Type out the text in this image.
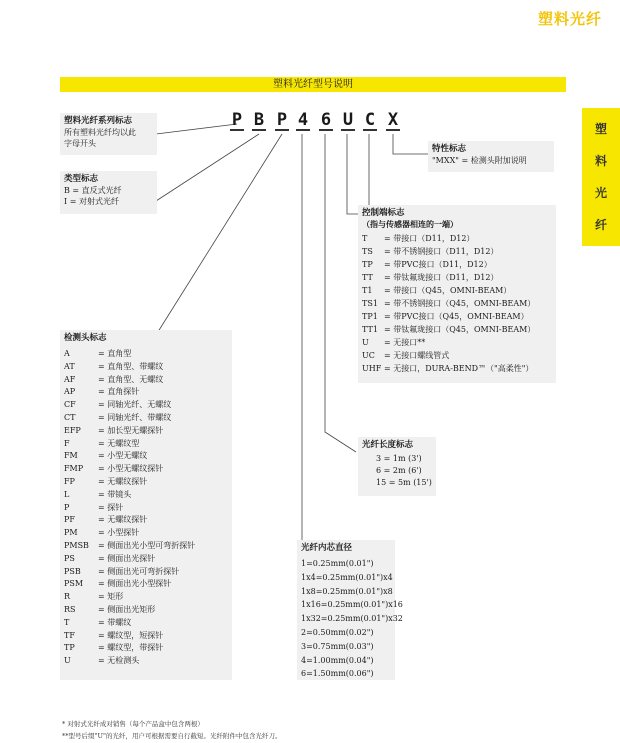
塑料光纤
塑料光纤型号说明
塑
料
光
纤
P B P 4 6 U C X
塑料光纤系列标志
所有塑料光纤均以此
字母开头
类型标志
B = 直反式光纤
I = 对射式光纤
特性标志
"MXX" = 检测头附加说明
控制端标志
（指与传感器相连的一端）
T = 带接口（D11，D12）
TS = 带不锈钢接口（D11，D12）
TP = 带PVC接口（D11，D12）
TT = 带钛氟珑接口（D11，D12）
T1 = 带接口（Q45，OMNI-BEAM）
TS1 = 带不锈钢接口（Q45，OMNI-BEAM）
TP1 = 带PVC接口（Q45，OMNI-BEAM）
TT1 = 带钛氟珑接口（Q45，OMNI-BEAM）
U = 无接口**
UC = 无接口螺线管式
UHF = 无接口，DURA-BEND™（"高柔性"）
光纤长度标志
3 = 1m (3')
6 = 2m (6')
15 = 5m (15')
光纤内芯直径
1=0.25mm(0.01")
1x4=0.25mm(0.01")x4
1x8=0.25mm(0.01")x8
1x16=0.25mm(0.01")x16
1x32=0.25mm(0.01")x32
2=0.50mm(0.02")
3=0.75mm(0.03")
4=1.00mm(0.04")
6=1.50mm(0.06")
检测头标志
A	= 直角型
AT	= 直角型、带螺纹
AF	= 直角型、无螺纹
AP	= 直角探针
CF	= 同轴光纤、无螺纹
CT	= 同轴光纤、带螺纹
EFP = 加长型无螺探针
F	= 无螺纹型
FM	= 小型无螺纹
FMP = 小型无螺纹探针
FP	= 无螺纹探针
L	= 带镜头
P	= 探针
PF	= 无螺纹探针
PM	= 小型探针
PMSB = 侧面出光小型可弯折探针
PS	= 侧面出光探针
PSB = 侧面出光可弯折探针
PSM = 侧面出光小型探针
R	= 矩形
RS	= 侧面出光矩形
T	= 带螺纹
TF	= 螺纹型，短探针
TP	= 螺纹型，带探针
U	= 无检测头
* 对射式光纤成对销售（每个产品盒中包含两根）
**型号后缀"U"的光纤，用户可根据需要自行截短。光纤附件中包含光纤刀。
